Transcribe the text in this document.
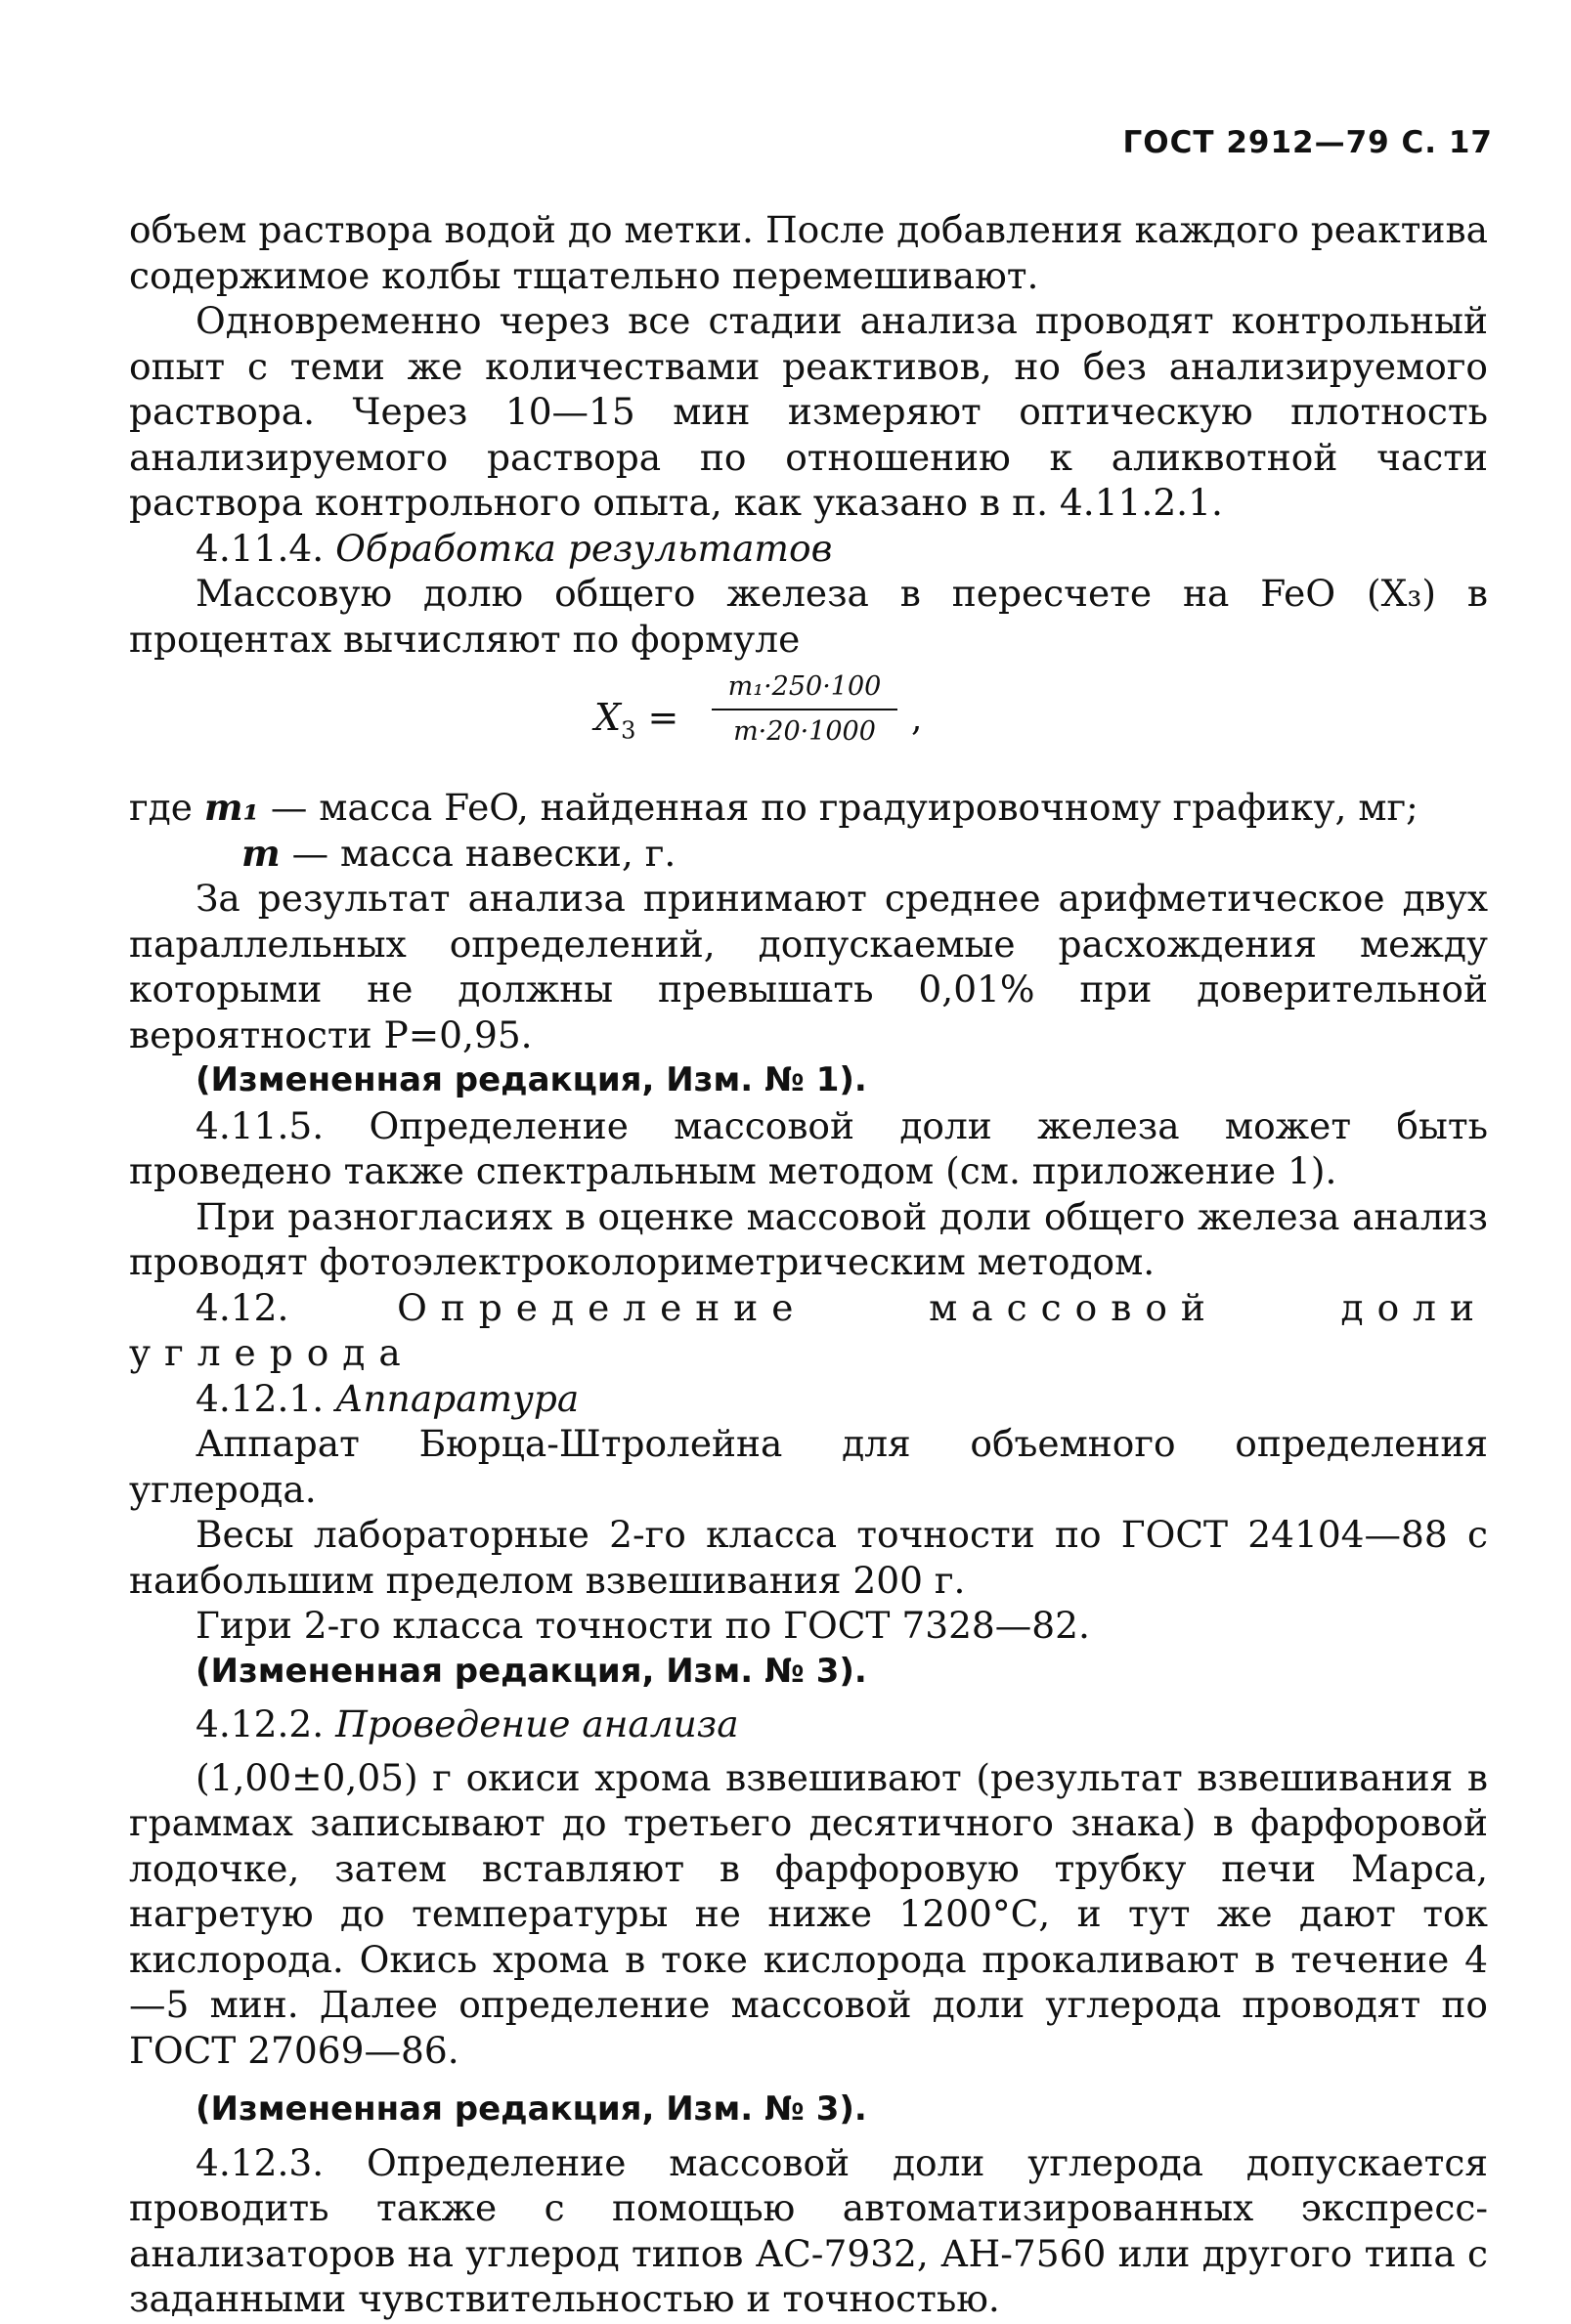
ГОСТ 2912—79 С. 17

объем раствора водой до метки. После добавления каждого реактива содержимое колбы тщательно перемешивают.

Одновременно через все стадии анализа проводят контрольный опыт с теми же количествами реактивов, но без анализируемого раствора. Через 10—15 мин измеряют оптическую плотность анализируемого раствора по отношению к аликвотной части раствора контрольного опыта, как указано в п. 4.11.2.1.

4.11.4. Обработка результатов

Массовую долю общего железа в пересчете на FeO (X₃) в процентах вычисляют по формуле

$X_3$ =
m₁·250·100
m·20·1000	,

где m₁ — масса FeO, найденная по градуировочному графику, мг;

m — масса навески, г.

За результат анализа принимают среднее арифметическое двух параллельных определений, допускаемые расхождения между которыми не должны превышать 0,01% при доверительной вероятности P=0,95.

(Измененная редакция, Изм. № 1).

4.11.5. Определение массовой доли железа может быть проведено также спектральным методом (см. приложение 1).

При разногласиях в оценке массовой доли общего железа анализ проводят фотоэлектроколориметрическим методом.

4.12.	Определение массовой доли углерода

4.12.1. Аппаратура

Аппарат Бюрца-Штролейна для объемного определения углерода.

Весы лабораторные 2-го класса точности по ГОСТ 24104—88 с наибольшим пределом взвешивания 200 г.

Гири 2-го класса точности по ГОСТ 7328—82.

(Измененная редакция, Изм. № 3).

4.12.2. Проведение анализа

(1,00±0,05) г окиси хрома взвешивают (результат взвешивания в граммах записывают до третьего десятичного знака) в фарфоровой лодочке, затем вставляют в фарфоровую трубку печи Марса, нагретую до температуры не ниже 1200°С, и тут же дают ток кислорода. Окись хрома в токе кислорода прокаливают в течение 4—5 мин. Далее определение массовой доли углерода проводят по ГОСТ 27069—86.

(Измененная редакция, Изм. № 3).

4.12.3. Определение массовой доли углерода допускается проводить также с помощью автоматизированных экспресс-анализаторов на углерод типов АС-7932, АН-7560 или другого типа с заданными чувствительностью и точностью.
